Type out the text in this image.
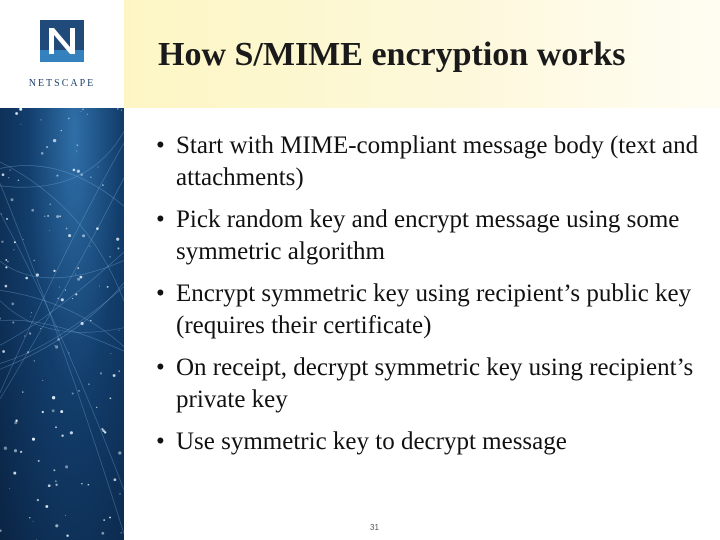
NETSCAPE
How S/MIME encryption works
• Start with MIME-compliant message body (text and attachments)
• Pick random key and encrypt message using some symmetric algorithm
• Encrypt symmetric key using recipient’s public key (requires their certificate)
• On receipt, decrypt symmetric key using recipient’s private key
• Use symmetric key to decrypt message
31
